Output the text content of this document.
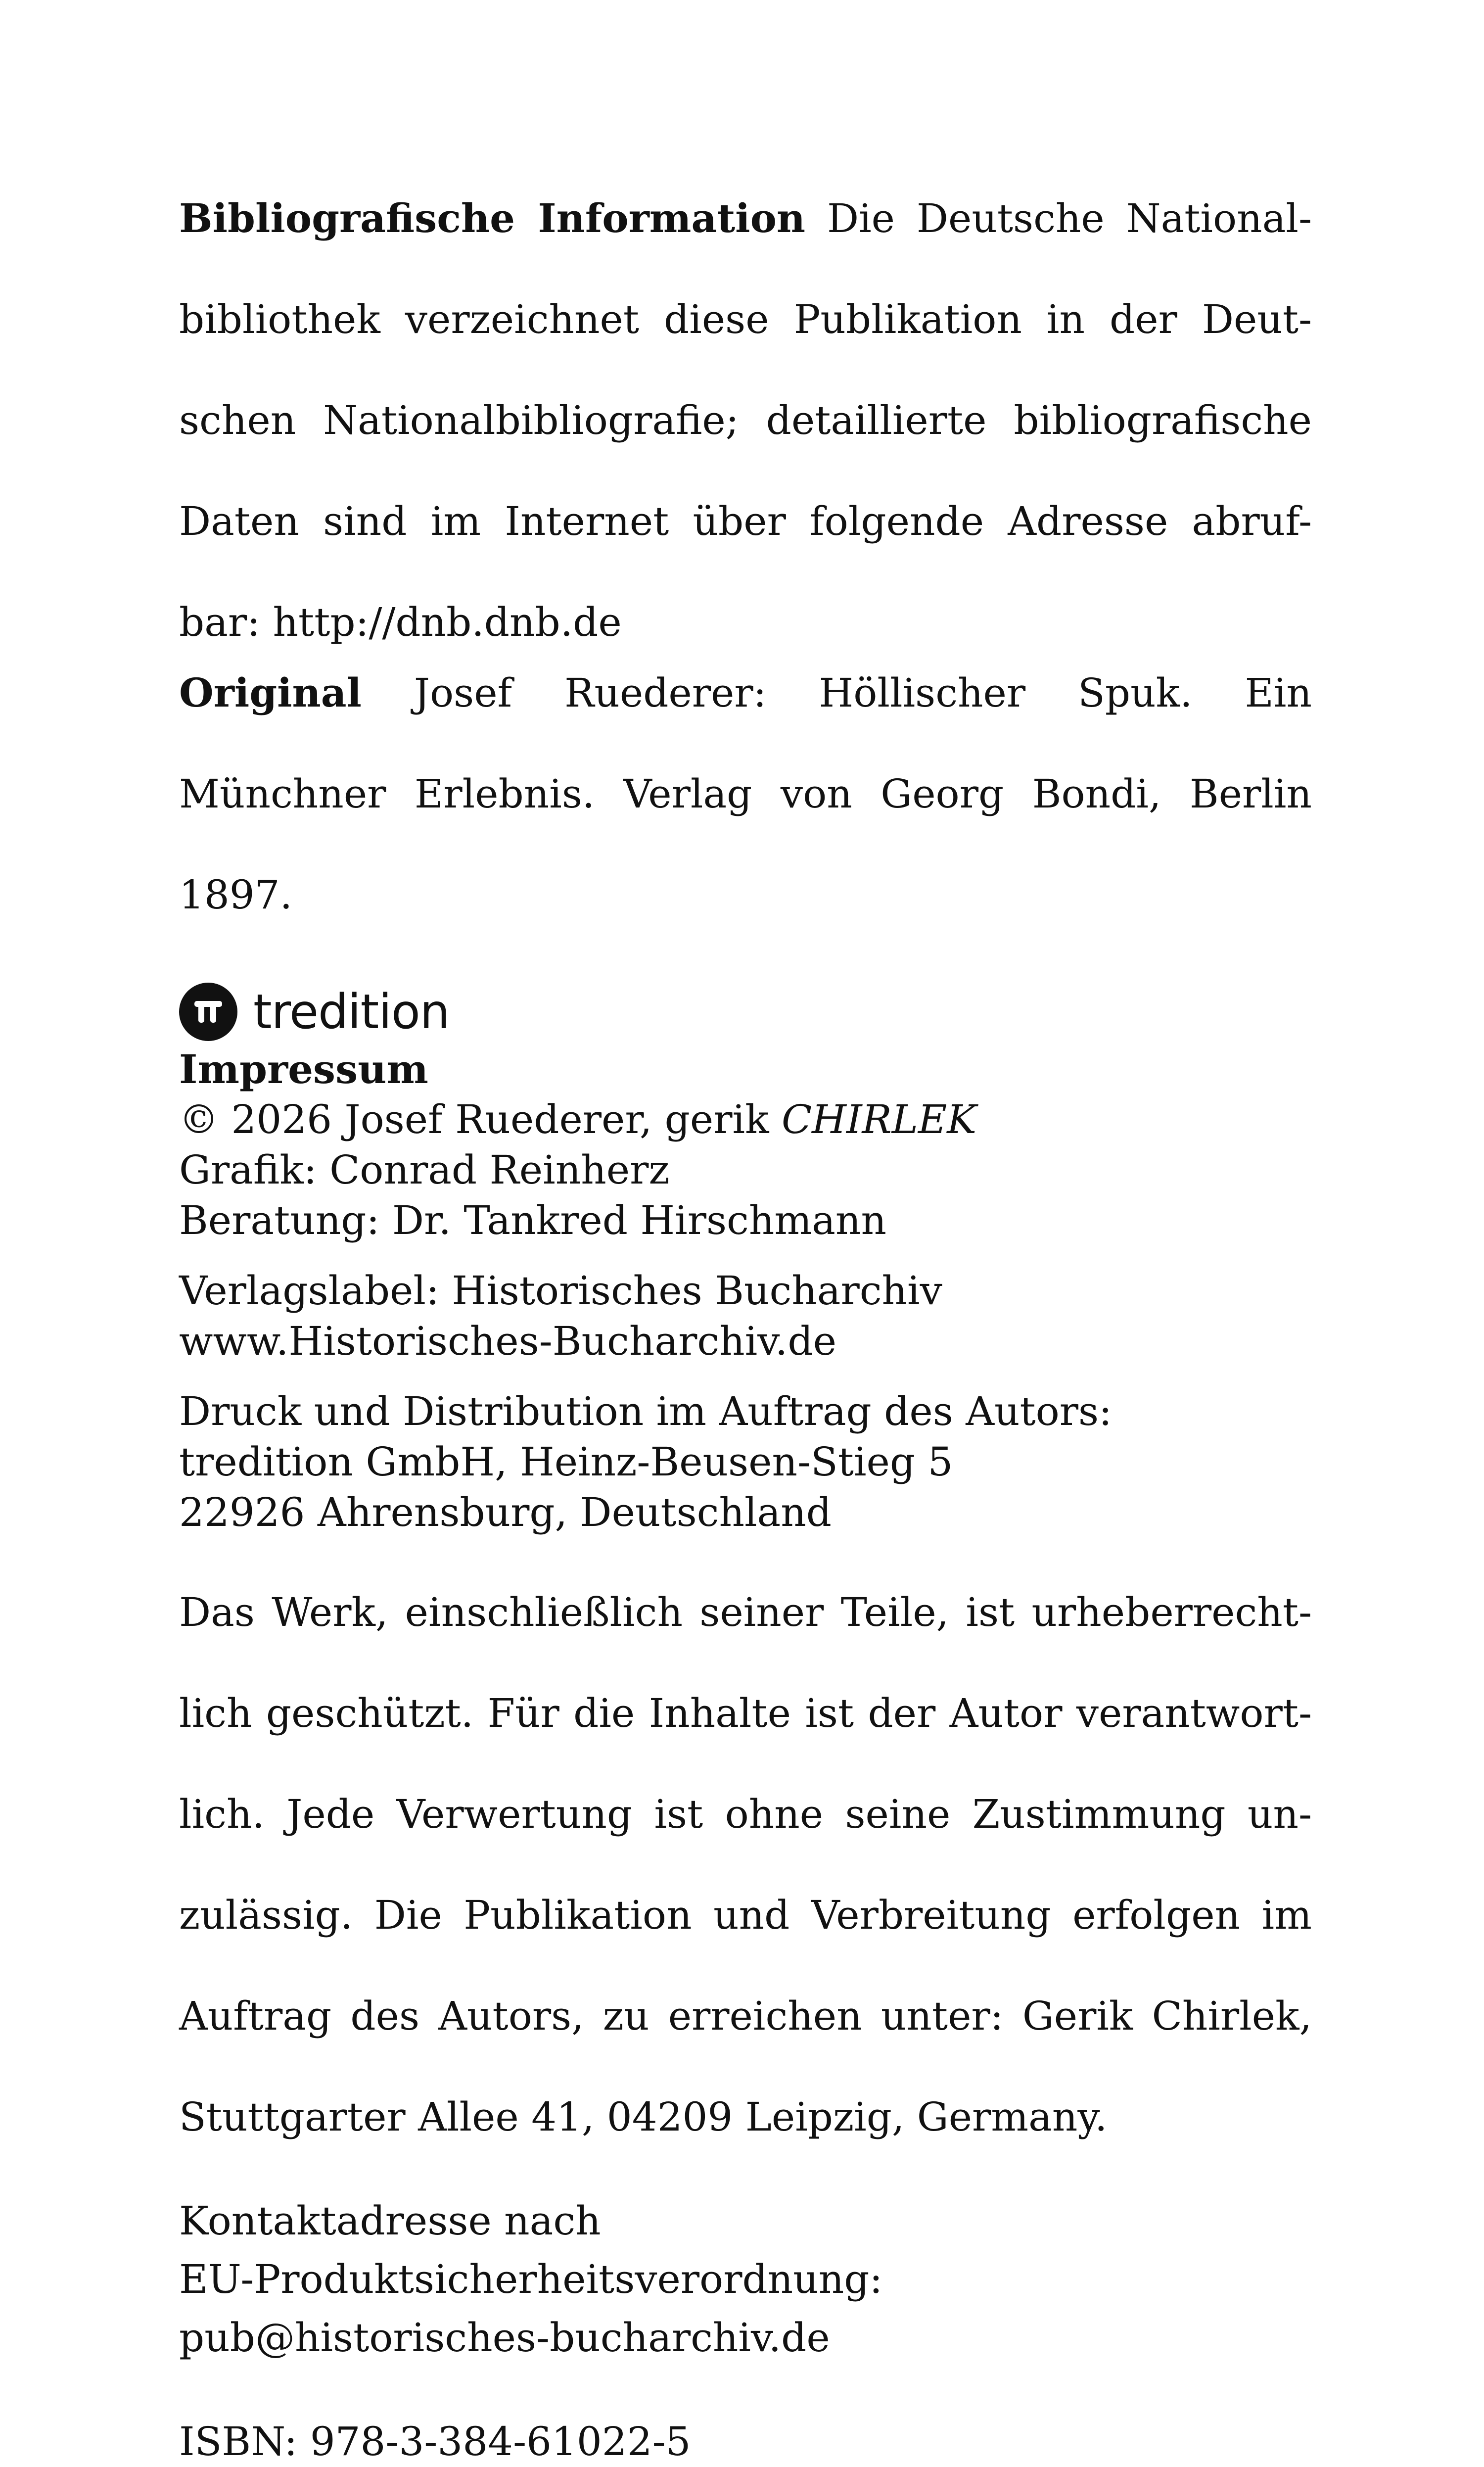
Bibliografische Information Die Deutsche National-

bibliothek verzeichnet diese Publikation in der Deut-

schen Nationalbibliografie; detaillierte bibliografische

Daten sind im Internet über folgende Adresse abruf-

bar: http://dnb.dnb.de

Original Josef Ruederer: Höllischer Spuk. Ein

Münchner Erlebnis. Verlag von Georg Bondi, Berlin

1897.

tredition

Impressum

© 2026 Josef Ruederer, gerik CHIRLEK

Grafik: Conrad Reinherz

Beratung: Dr. Tankred Hirschmann

Verlagslabel: Historisches Bucharchiv

www.Historisches-Bucharchiv.de

Druck und Distribution im Auftrag des Autors:

tredition GmbH, Heinz-Beusen-Stieg 5

22926 Ahrensburg, Deutschland

Das Werk, einschließlich seiner Teile, ist urheberrecht-

lich geschützt. Für die Inhalte ist der Autor verantwort-

lich. Jede Verwertung ist ohne seine Zustimmung un-

zulässig. Die Publikation und Verbreitung erfolgen im

Auftrag des Autors, zu erreichen unter: Gerik Chirlek,

Stuttgarter Allee 41, 04209 Leipzig, Germany.

Kontaktadresse nach

EU-Produktsicherheitsverordnung:

pub@historisches-bucharchiv.de

ISBN: 978-3-384-61022-5
